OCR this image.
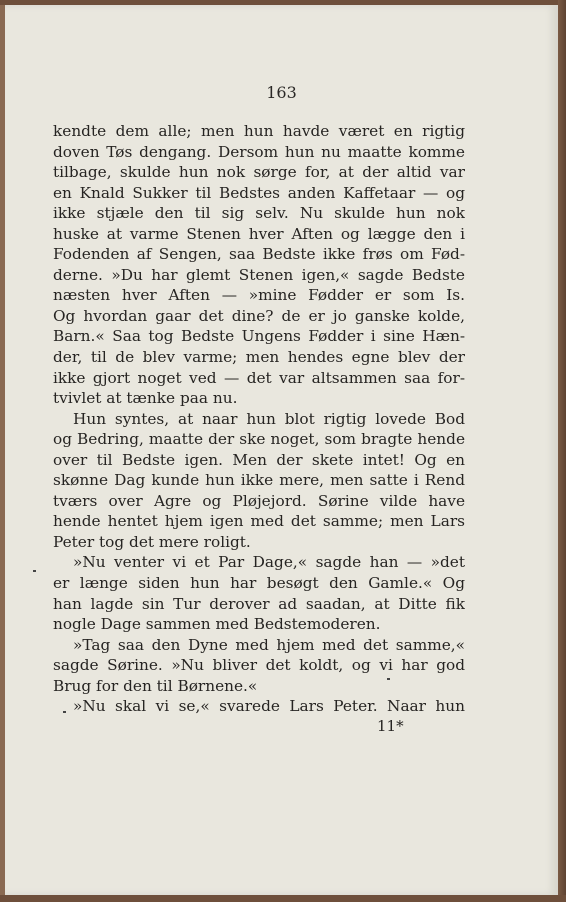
163
kendte dem alle; men hun havde været en rigtig
doven Tøs dengang. Dersom hun nu maatte komme
tilbage, skulde hun nok sørge for, at der altid var
en Knald Sukker til Bedstes anden Kaffetaar — og
ikke stjæle den til sig selv. Nu skulde hun nok
huske at varme Stenen hver Aften og lægge den i
Fodenden af Sengen, saa Bedste ikke frøs om Fød-
derne. »Du har glemt Stenen igen,« sagde Bedste
næsten hver Aften — »mine Fødder er som Is.
Og hvordan gaar det dine? de er jo ganske kolde,
Barn.« Saa tog Bedste Ungens Fødder i sine Hæn-
der, til de blev varme; men hendes egne blev der
ikke gjort noget ved — det var altsammen saa for-
tvivlet at tænke paa nu.
Hun syntes, at naar hun blot rigtig lovede Bod
og Bedring, maatte der ske noget, som bragte hende
over til Bedste igen. Men der skete intet! Og en
skønne Dag kunde hun ikke mere, men satte i Rend
tværs over Agre og Pløjejord. Sørine vilde have
hende hentet hjem igen med det samme; men Lars
Peter tog det mere roligt.
»Nu venter vi et Par Dage,« sagde han — »det
er længe siden hun har besøgt den Gamle.« Og
han lagde sin Tur derover ad saadan, at Ditte fik
nogle Dage sammen med Bedstemoderen.
»Tag saa den Dyne med hjem med det samme,«
sagde Sørine. »Nu bliver det koldt, og vi har god
Brug for den til Børnene.«
»Nu skal vi se,« svarede Lars Peter. Naar hun
11*
